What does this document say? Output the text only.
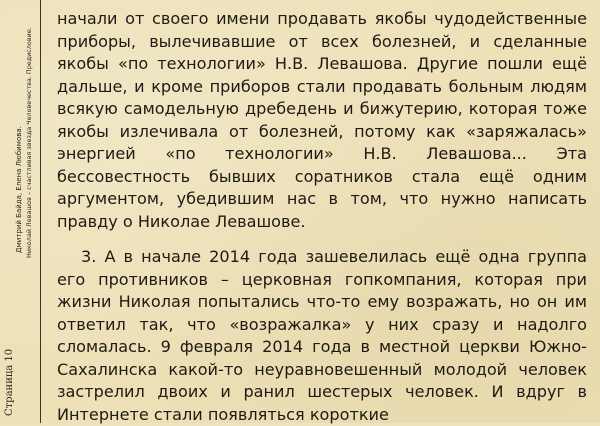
Страница 10
Дмитрий Байда, Елена Любимова. Николай Левашов – счастливая звезда Человечества. Предисловие.

начали от своего имени продавать якобы чудодейственные приборы, вылечивавшие от всех болезней, и сделанные якобы «по технологии» Н.В. Левашова. Другие пошли ещё дальше, и кроме приборов стали продавать больным людям всякую самодельную дребедень и бижутерию, которая тоже якобы излечивала от болезней, потому как «заряжалась» энергией «по технологии» Н.В. Левашова... Эта бессовестность бывших соратников стала ещё одним аргументом, убедившим нас в том, что нужно написать правду о Николае Левашове.

3. А в начале 2014 года зашевелилась ещё одна группа его противников – церковная гопкомпания, которая при жизни Николая попытались что-то ему возражать, но он им ответил так, что «возражалка» у них сразу и надолго сломалась. 9 февраля 2014 года в местной церкви Южно-Сахалинска какой-то неуравновешенный молодой человек застрелил двоих и ранил шестерых человек. И вдруг в Интернете стали появляться короткие
